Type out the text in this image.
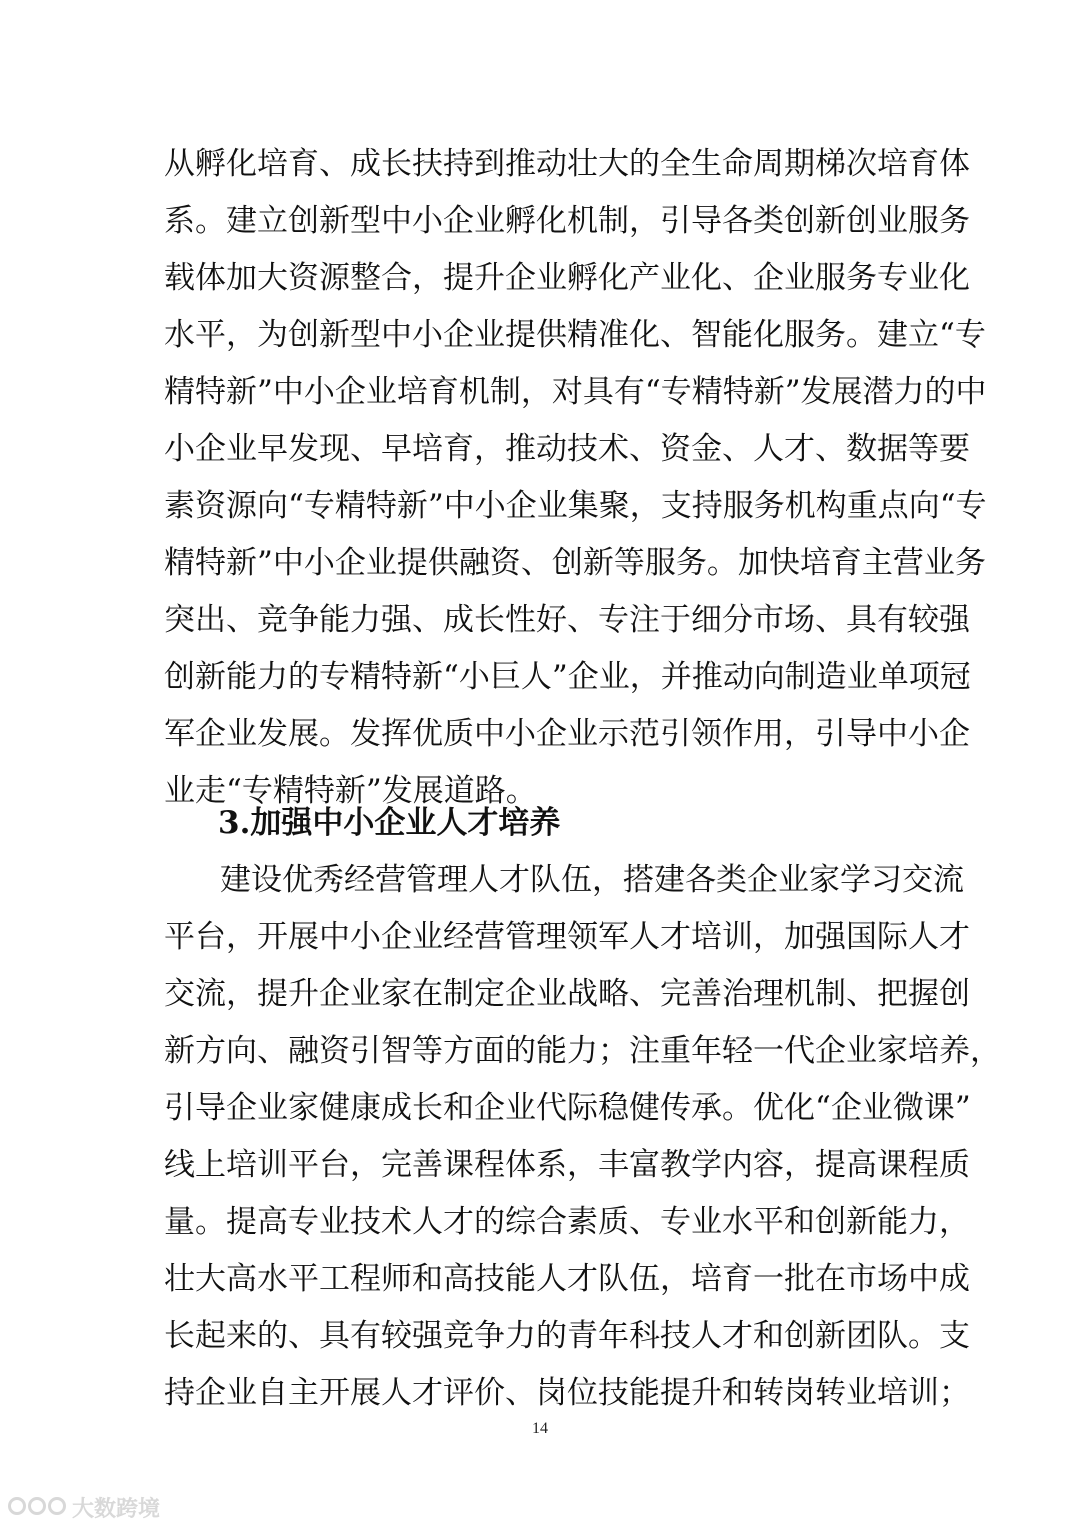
从孵化培育、成长扶持到推动壮大的全生命周期梯次培育体
系。建立创新型中小企业孵化机制，引导各类创新创业服务
载体加大资源整合，提升企业孵化产业化、企业服务专业化
水平，为创新型中小企业提供精准化、智能化服务。建立“专
精特新”中小企业培育机制，对具有“专精特新”发展潜力的中
小企业早发现、早培育，推动技术、资金、人才、数据等要
素资源向“专精特新”中小企业集聚，支持服务机构重点向“专
精特新”中小企业提供融资、创新等服务。加快培育主营业务
突出、竞争能力强、成长性好、专注于细分市场、具有较强
创新能力的专精特新“小巨人”企业，并推动向制造业单项冠
军企业发展。发挥优质中小企业示范引领作用，引导中小企
业走“专精特新”发展道路。
3.加强中小企业人才培养
建设优秀经营管理人才队伍，搭建各类企业家学习交流
平台，开展中小企业经营管理领军人才培训，加强国际人才
交流，提升企业家在制定企业战略、完善治理机制、把握创
新方向、融资引智等方面的能力；注重年轻一代企业家培养，
引导企业家健康成长和企业代际稳健传承。优化“企业微课”
线上培训平台，完善课程体系，丰富教学内容，提高课程质
量。提高专业技术人才的综合素质、专业水平和创新能力，
壮大高水平工程师和高技能人才队伍，培育一批在市场中成
长起来的、具有较强竞争力的青年科技人才和创新团队。支
持企业自主开展人才评价、岗位技能提升和转岗转业培训；
14
大数跨境
